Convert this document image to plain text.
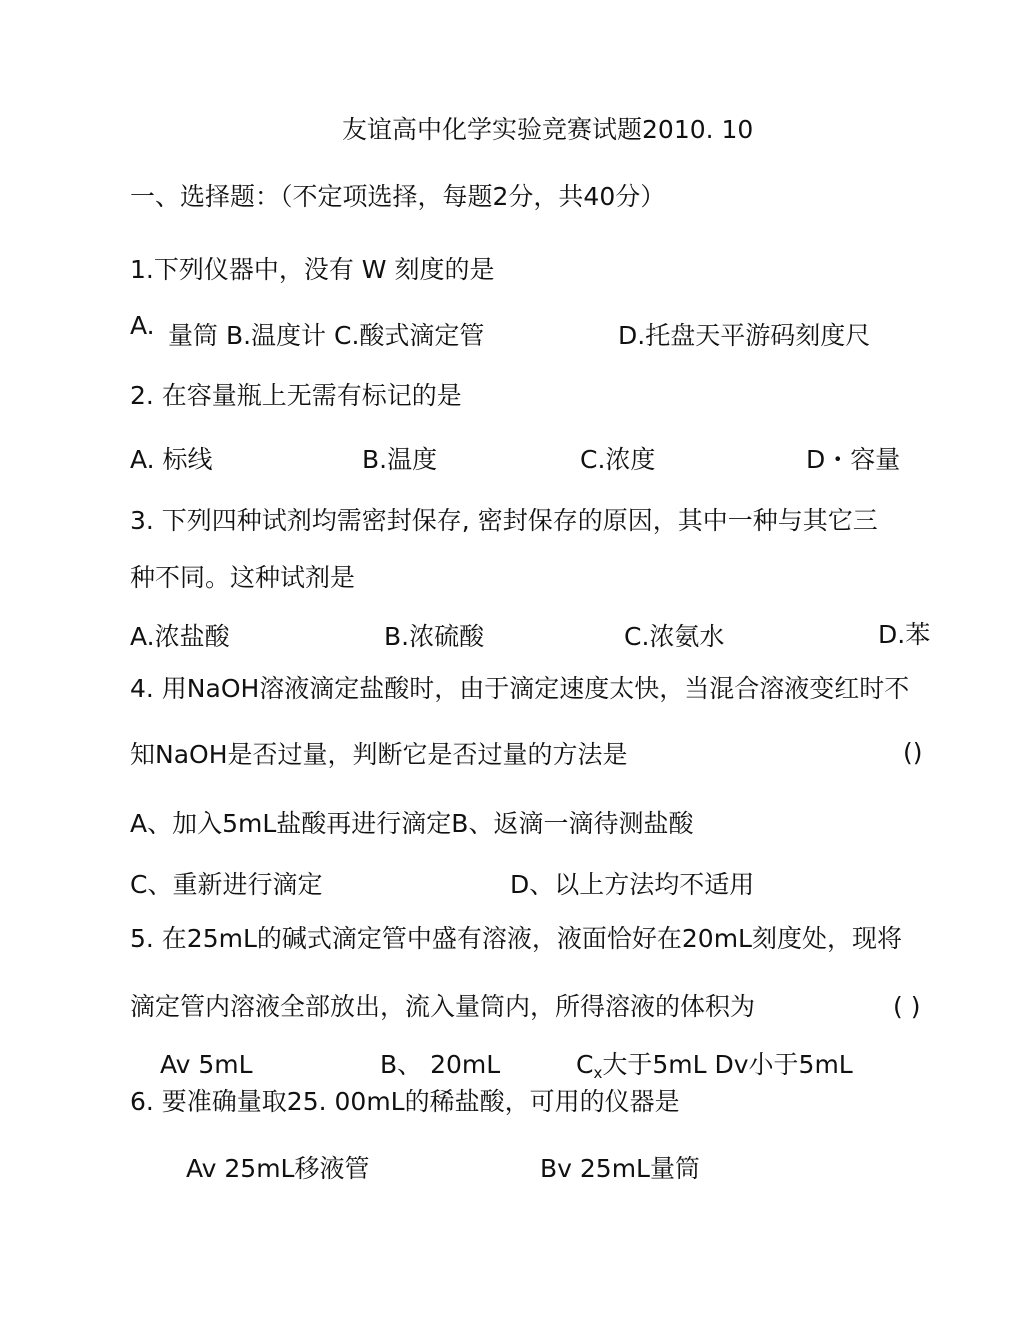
友谊高中化学实验竞赛试题2010. 10
一、选择题：（不定项选择，每题2分，共40分）
1.下列仪器中，没有 W 刻度的是
A. 量筒 B.温度计 C.酸式滴定管	D.托盘天平游码刻度尺
2. 在容量瓶上无需有标记的是
A. 标线	B.温度	C.浓度	D・容量
3. 下列四种试剂均需密封保存, 密封保存的原因，其中一种与其它三
种不同。这种试剂是
A.浓盐酸	B.浓硫酸	C.浓氨水	D.苯
4. 用NaOH溶液滴定盐酸时，由于滴定速度太快，当混合溶液变红时不
知NaOH是否过量，判断它是否过量的方法是	()
A、加入5mL盐酸再进行滴定B、返滴一滴待测盐酸
C、重新进行滴定	D、以上方法均不适用
5. 在25mL的碱式滴定管中盛有溶液，液面恰好在20mL刻度处，现将
滴定管内溶液全部放出，流入量筒内，所得溶液的体积为	( )
Av 5mL	B、 20mL	$C_x$大于5mL Dv小于5mL
6. 要准确量取25. 00mL的稀盐酸，可用的仪器是
Av 25mL移液管	Bv 25mL量筒
